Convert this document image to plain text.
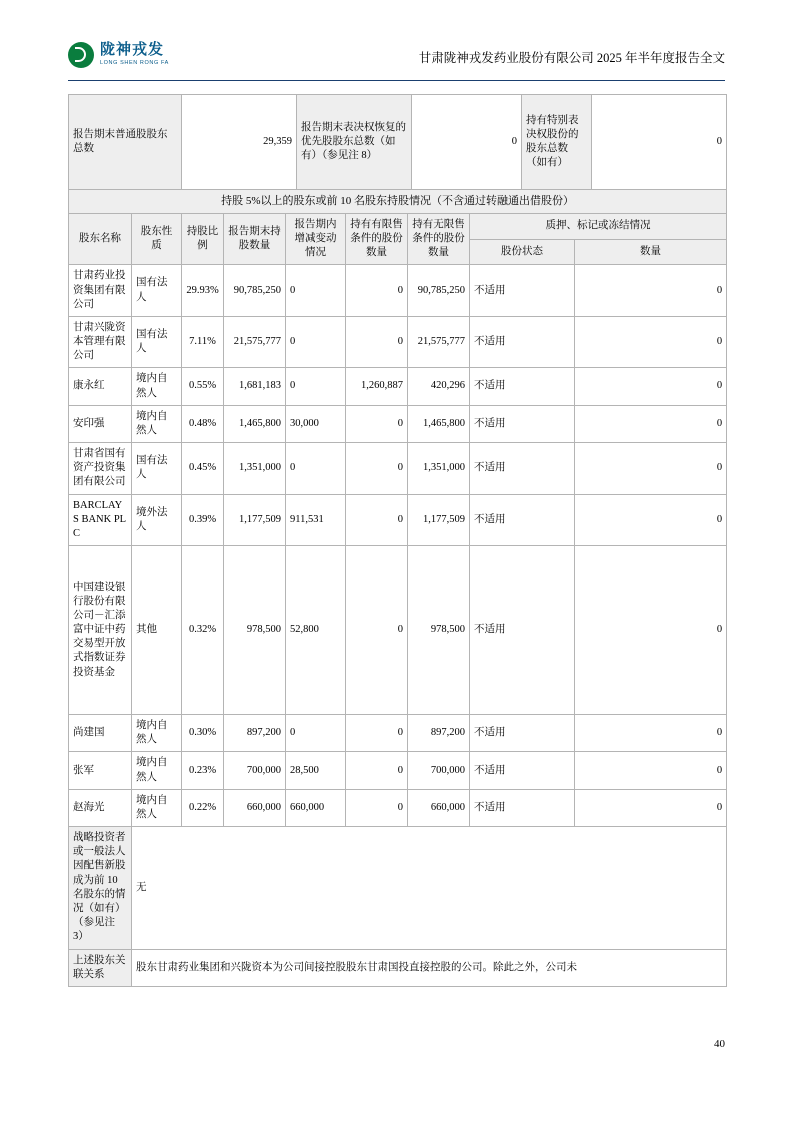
陇神戎发
LONG SHEN RONG FA	甘肃陇神戎发药业股份有限公司 2025 年半年度报告全文
报告期末普通股股东总数	29,359	报告期末表决权恢复的优先股股东总数（如有）（参见注 8）	0	持有特别表决权股份的股东总数（如有）	0
持股 5%以上的股东或前 10 名股东持股情况（不含通过转融通出借股份）								
股东名称	股东性质	持股比例	报告期末持股数量	报告期内增减变动情况	持有有限售条件的股份数量	持有无限售条件的股份数量	质押、标记或冻结情况	
							股份状态	数量
甘肃药业投资集团有限公司	国有法人	29.93%	90,785,250	0	0	90,785,250	不适用	0
甘肃兴陇资本管理有限公司	国有法人	7.11%	21,575,777	0	0	21,575,777	不适用	0
康永红	境内自然人	0.55%	1,681,183	0	1,260,887	420,296	不适用	0
安印强	境内自然人	0.48%	1,465,800	30,000	0	1,465,800	不适用	0
甘肃省国有资产投资集团有限公司	国有法人	0.45%	1,351,000	0	0	1,351,000	不适用	0
BARCLAYS BANK PLC	境外法人	0.39%	1,177,509	911,531	0	1,177,509	不适用	0
中国建设银行股份有限公司－汇添富中证中药交易型开放式指数证券投资基金	其他	0.32%	978,500	52,800	0	978,500	不适用	0
尚建国	境内自然人	0.30%	897,200	0	0	897,200	不适用	0
张军	境内自然人	0.23%	700,000	28,500	0	700,000	不适用	0
赵海光	境内自然人	0.22%	660,000	660,000	0	660,000	不适用	0
战略投资者或一般法人因配售新股成为前 10 名股东的情况（如有）（参见注 3）	无							
上述股东关联关系	股东甘肃药业集团和兴陇资本为公司间接控股股东甘肃国投直接控股的公司。除此之外，公司未							
40
